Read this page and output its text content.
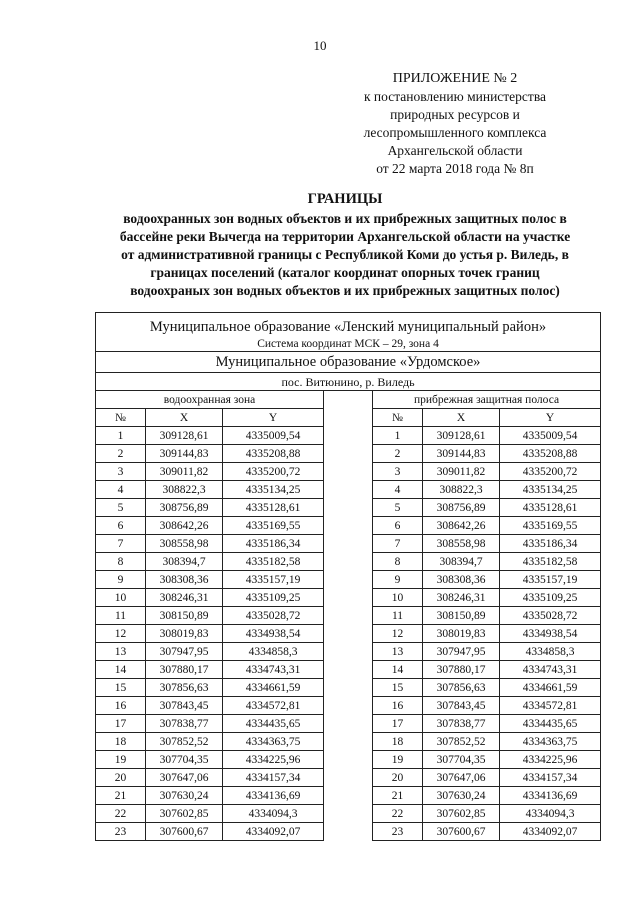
10
ПРИЛОЖЕНИЕ № 2
к постановлению министерства
природных ресурсов и
лесопромышленного комплекса
Архангельской области
от 22 марта 2018 года № 8п
ГРАНИЦЫ
водоохранных зон водных объектов и их прибрежных защитных полос в
бассейне реки Вычегда на территории Архангельской области на участке
от административной границы с Республикой Коми до устья р. Виледь, в
границах поселений (каталог координат опорных точек границ
водоохраных зон водных объектов и их прибрежных защитных полос)
Муниципальное образование «Ленский муниципальный район»						
Система координат МСК – 29, зона 4						
Муниципальное образование «Урдомское»						
пос. Витюнино, р. Виледь						
водоохранная зона				прибрежная защитная полоса		
№	X	Y		№	X	Y
1	309128,61	4335009,54		1	309128,61	4335009,54
2	309144,83	4335208,88		2	309144,83	4335208,88
3	309011,82	4335200,72		3	309011,82	4335200,72
4	308822,3	4335134,25		4	308822,3	4335134,25
5	308756,89	4335128,61		5	308756,89	4335128,61
6	308642,26	4335169,55		6	308642,26	4335169,55
7	308558,98	4335186,34		7	308558,98	4335186,34
8	308394,7	4335182,58		8	308394,7	4335182,58
9	308308,36	4335157,19		9	308308,36	4335157,19
10	308246,31	4335109,25		10	308246,31	4335109,25
11	308150,89	4335028,72		11	308150,89	4335028,72
12	308019,83	4334938,54		12	308019,83	4334938,54
13	307947,95	4334858,3		13	307947,95	4334858,3
14	307880,17	4334743,31		14	307880,17	4334743,31
15	307856,63	4334661,59		15	307856,63	4334661,59
16	307843,45	4334572,81		16	307843,45	4334572,81
17	307838,77	4334435,65		17	307838,77	4334435,65
18	307852,52	4334363,75		18	307852,52	4334363,75
19	307704,35	4334225,96		19	307704,35	4334225,96
20	307647,06	4334157,34		20	307647,06	4334157,34
21	307630,24	4334136,69		21	307630,24	4334136,69
22	307602,85	4334094,3		22	307602,85	4334094,3
23	307600,67	4334092,07		23	307600,67	4334092,07
